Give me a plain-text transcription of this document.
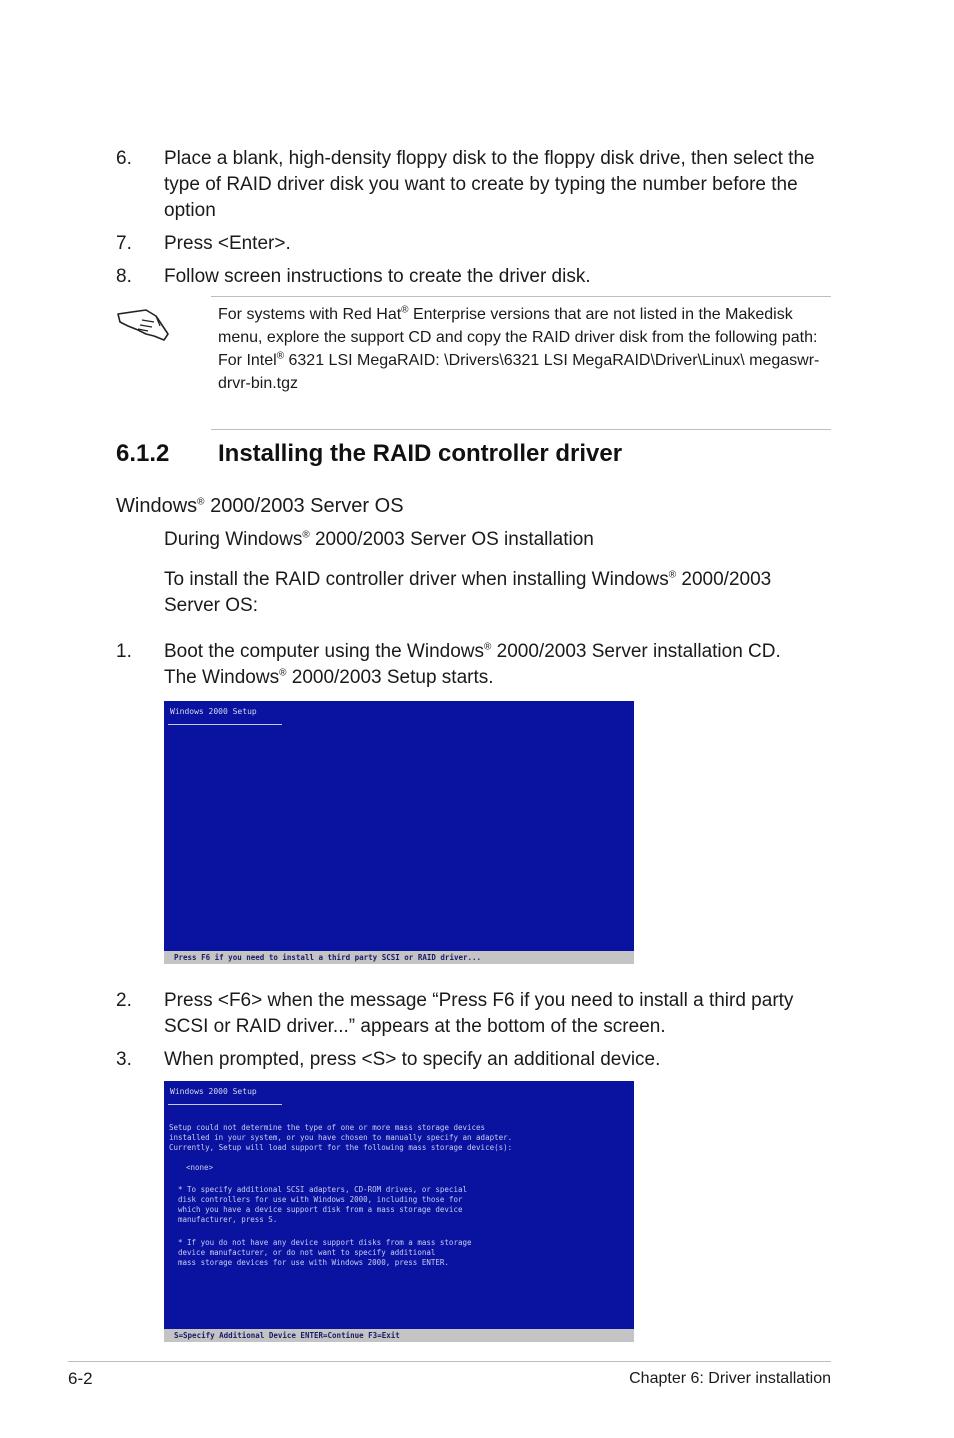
6. Place a blank, high-density floppy disk to the floppy disk drive, then select the type of RAID driver disk you want to create by typing the number before the option
7. Press <Enter>.
8. Follow screen instructions to create the driver disk.
For systems with Red Hat® Enterprise versions that are not listed in the Makedisk menu, explore the support CD and copy the RAID driver disk from the following path:
For Intel® 6321 LSI MegaRAID: \Drivers\6321 LSI MegaRAID\Driver\Linux\ megaswr-drvr-bin.tgz
6.1.2 Installing the RAID controller driver
Windows® 2000/2003 Server OS
During Windows® 2000/2003 Server OS installation
To install the RAID controller driver when installing Windows® 2000/2003 Server OS:
1. Boot the computer using the Windows® 2000/2003 Server installation CD. The Windows® 2000/2003 Setup starts.
Windows 2000 Setup
Press F6 if you need to install a third party SCSI or RAID driver...
2. Press <F6> when the message “Press F6 if you need to install a third party SCSI or RAID driver...” appears at the bottom of the screen.
3. When prompted, press <S> to specify an additional device.
Windows 2000 Setup
Setup could not determine the type of one or more mass storage devices
installed in your system, or you have chosen to manually specify an adapter.
Currently, Setup will load support for the following mass storage device(s):
<none>
* To specify additional SCSI adapters, CD-ROM drives, or special
disk controllers for use with Windows 2000, including those for
which you have a device support disk from a mass storage device
manufacturer, press S.
* If you do not have any device support disks from a mass storage
device manufacturer, or do not want to specify additional
mass storage devices for use with Windows 2000, press ENTER.
S=Specify Additional Device ENTER=Continue F3=Exit
6-2	Chapter 6: Driver installation
